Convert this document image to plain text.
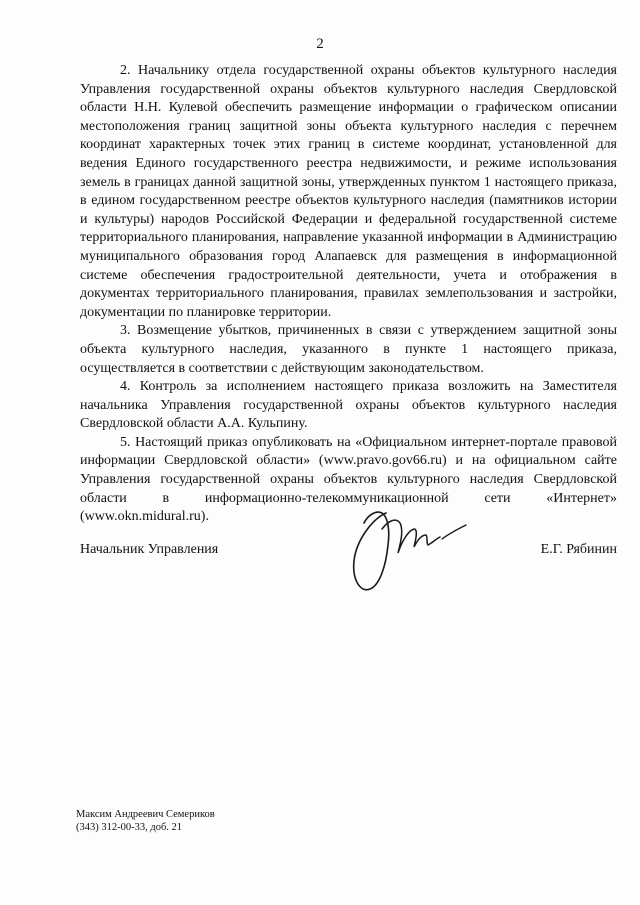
2

2. Начальнику отдела государственной охраны объектов культурного наследия Управления государственной охраны объектов культурного наследия Свердловской области Н.Н. Кулевой обеспечить размещение информации о графическом описании местоположения границ защитной зоны объекта культурного наследия с перечнем координат характерных точек этих границ в системе координат, установленной для ведения Единого государственного реестра недвижимости, и режиме использования земель в границах данной защитной зоны, утвержденных пунктом 1 настоящего приказа, в едином государственном реестре объектов культурного наследия (памятников истории и культуры) народов Российской Федерации и федеральной государственной системе территориального планирования, направление указанной информации в Администрацию муниципального образования город Алапаевск для размещения в информационной системе обеспечения градостроительной деятельности, учета и отображения в документах территориального планирования, правилах землепользования и застройки, документации по планировке территории.

3. Возмещение убытков, причиненных в связи с утверждением защитной зоны объекта культурного наследия, указанного в пункте 1 настоящего приказа, осуществляется в соответствии с действующим законодательством.

4. Контроль за исполнением настоящего приказа возложить на Заместителя начальника Управления государственной охраны объектов культурного наследия Свердловской области А.А. Кульпину.

5. Настоящий приказ опубликовать на «Официальном интернет-портале правовой информации Свердловской области» (www.pravo.gov66.ru) и на официальном сайте Управления государственной охраны объектов культурного наследия Свердловской области в информационно-телекоммуникационной сети «Интернет» (www.okn.midural.ru).

Начальник Управления	Е.Г. Рябинин
Максим Андреевич Семериков
(343) 312-00-33, доб. 21
